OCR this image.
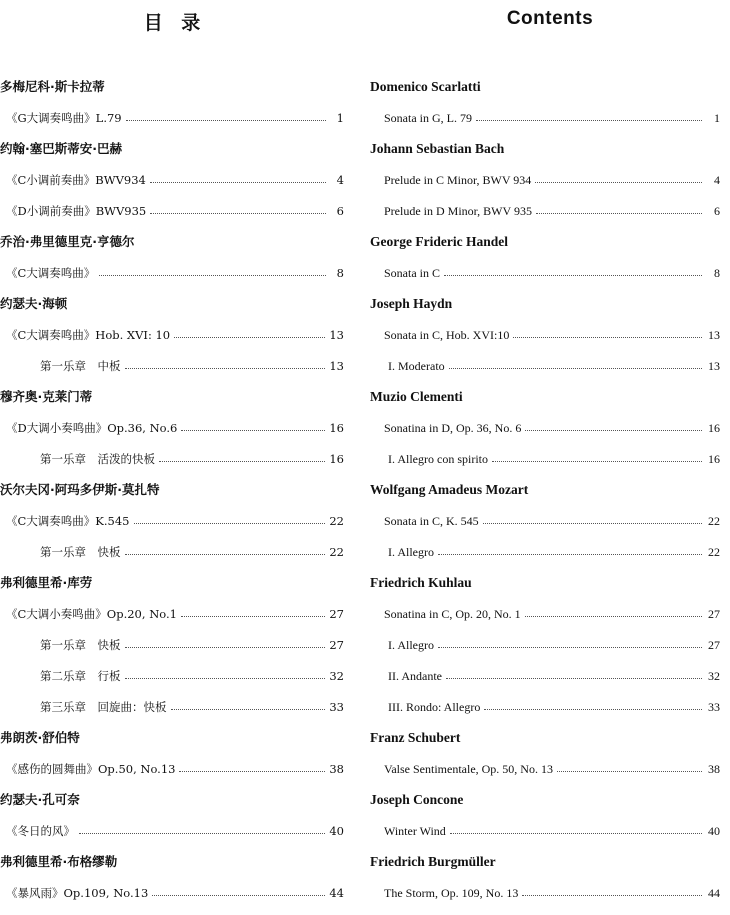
目 录
多梅尼科·斯卡拉蒂
《G大调奏鸣曲》L.79	1
约翰·塞巴斯蒂安·巴赫
《C小调前奏曲》BWV934	4
《D小调前奏曲》BWV935	6
乔治·弗里德里克·亨德尔
《C大调奏鸣曲》	8
约瑟夫·海顿
《C大调奏鸣曲》Hob. XVI: 10	13
第一乐章　中板	13
穆齐奥·克莱门蒂
《D大调小奏鸣曲》Op.36, No.6	16
第一乐章　活泼的快板	16
沃尔夫冈·阿玛多伊斯·莫扎特
《C大调奏鸣曲》K.545	22
第一乐章　快板	22
弗利德里希·库劳
《C大调小奏鸣曲》Op.20, No.1	27
第一乐章　快板	27
第二乐章　行板	32
第三乐章　回旋曲：快板	33
弗朗茨·舒伯特
《感伤的圆舞曲》Op.50, No.13	38
约瑟夫·孔可奈
《冬日的风》	40
弗利德里希·布格缪勒
《暴风雨》Op.109, No.13	44
Contents
Domenico Scarlatti
Sonata in G, L. 79	1
Johann Sebastian Bach
Prelude in C Minor, BWV 934	4
Prelude in D Minor, BWV 935	6
George Frideric Handel
Sonata in C	8
Joseph Haydn
Sonata in C, Hob. XVI:10	13
I. Moderato	13
Muzio Clementi
Sonatina in D, Op. 36, No. 6	16
I. Allegro con spirito	16
Wolfgang Amadeus Mozart
Sonata in C, K. 545	22
I. Allegro	22
Friedrich Kuhlau
Sonatina in C, Op. 20, No. 1	27
I. Allegro	27
II. Andante	32
III. Rondo: Allegro	33
Franz Schubert
Valse Sentimentale, Op. 50, No. 13	38
Joseph Concone
Winter Wind	40
Friedrich Burgmüller
The Storm, Op. 109, No. 13	44
